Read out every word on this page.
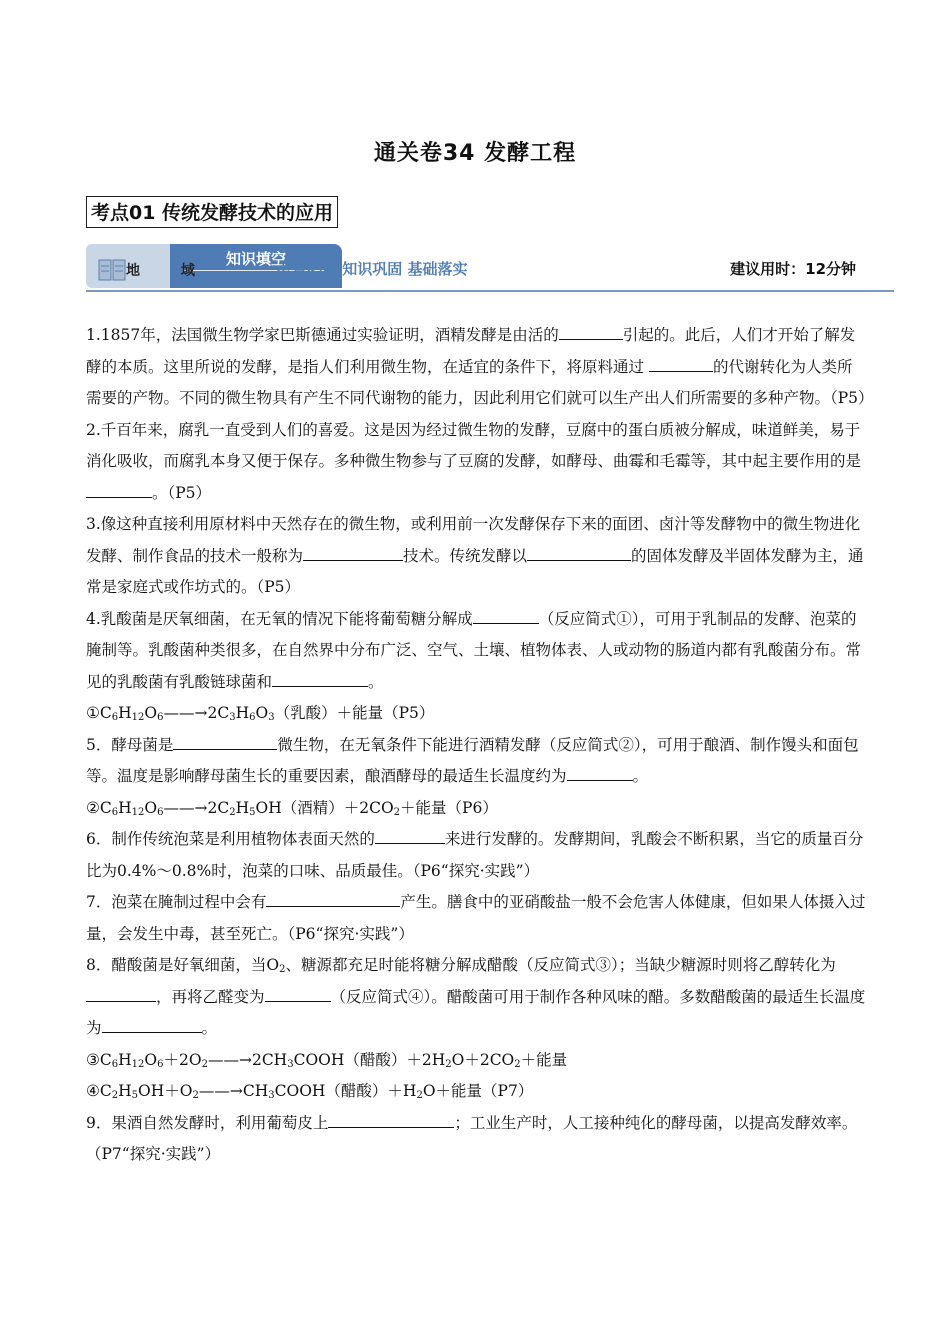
通关卷34 发酵工程
考点01 传统发酵技术的应用
知识填空
地 域	考点必背 知识巩固 基础落实	建议用时：12分钟

1.1857年，法国微生物学家巴斯德通过实验证明，酒精发酵是由活的	引起的。此后，人们才开始了解发酵的本质。这里所说的发酵，是指人们利用微生物，在适宜的条件下，将原料通过	的代谢转化为人类所需要的产物。不同的微生物具有产生不同代谢物的能力，因此利用它们就可以生产出人们所需要的多种产物。（P5）

2.千百年来，腐乳一直受到人们的喜爱。这是因为经过微生物的发酵，豆腐中的蛋白质被分解成，味道鲜美，易于消化吸收，而腐乳本身又便于保存。多种微生物参与了豆腐的发酵，如酵母、曲霉和毛霉等，其中起主要作用的是。（P5）

3.像这种直接利用原材料中天然存在的微生物，或利用前一次发酵保存下来的面团、卤汁等发酵物中的微生物进化发酵、制作食品的技术一般称为	技术。传统发酵以	的固体发酵及半固体发酵为主，通常是家庭式或作坊式的。（P5）

4.乳酸菌是厌氧细菌，在无氧的情况下能将葡萄糖分解成	（反应简式①），可用于乳制品的发酵、泡菜的腌制等。乳酸菌种类很多，在自然界中分布广泛、空气、土壤、植物体表、人或动物的肠道内都有乳酸菌分布。常见的乳酸菌有乳酸链球菌和	。

$①C_6H_{12}O_6——\to 2C_3H_6O_3$（乳酸）＋能量（P5）

5．酵母菌是	微生物，在无氧条件下能进行酒精发酵（反应简式②），可用于酿酒、制作馒头和面包等。温度是影响酵母菌生长的重要因素，酿酒酵母的最适生长温度约为	。

$②C_6H_{12}O_6——\to 2C_2H_5OH$（酒精）$+2CO_2+$能量（P6）

6．制作传统泡菜是利用植物体表面天然的	来进行发酵的。发酵期间，乳酸会不断积累，当它的质量百分比为0.4%～0.8%时，泡菜的口味、品质最佳。（P6“探究·实践”）

7．泡菜在腌制过程中会有	产生。膳食中的亚硝酸盐一般不会危害人体健康，但如果人体摄入过量，会发生中毒，甚至死亡。（P6“探究·实践”）

8．醋酸菌是好氧细菌，当$O_2$、糖源都充足时能将糖分解成醋酸（反应简式③）；当缺少糖源时则将乙醇转化为，再将乙醛变为	（反应简式④）。醋酸菌可用于制作各种风味的醋。多数醋酸菌的最适生长温度为	。

$③C_6H_{12}O_6+2O_2——\to 2CH_3COOH$（醋酸）$+2H_2O+2CO_2+$能量

$④C_2H_5OH+O_2——\to CH_3COOH$（醋酸）$+H_2O+$能量（P7）

9．果酒自然发酵时，利用葡萄皮上	；工业生产时，人工接种纯化的酵母菌，以提高发酵效率。（P7“探究·实践”）
